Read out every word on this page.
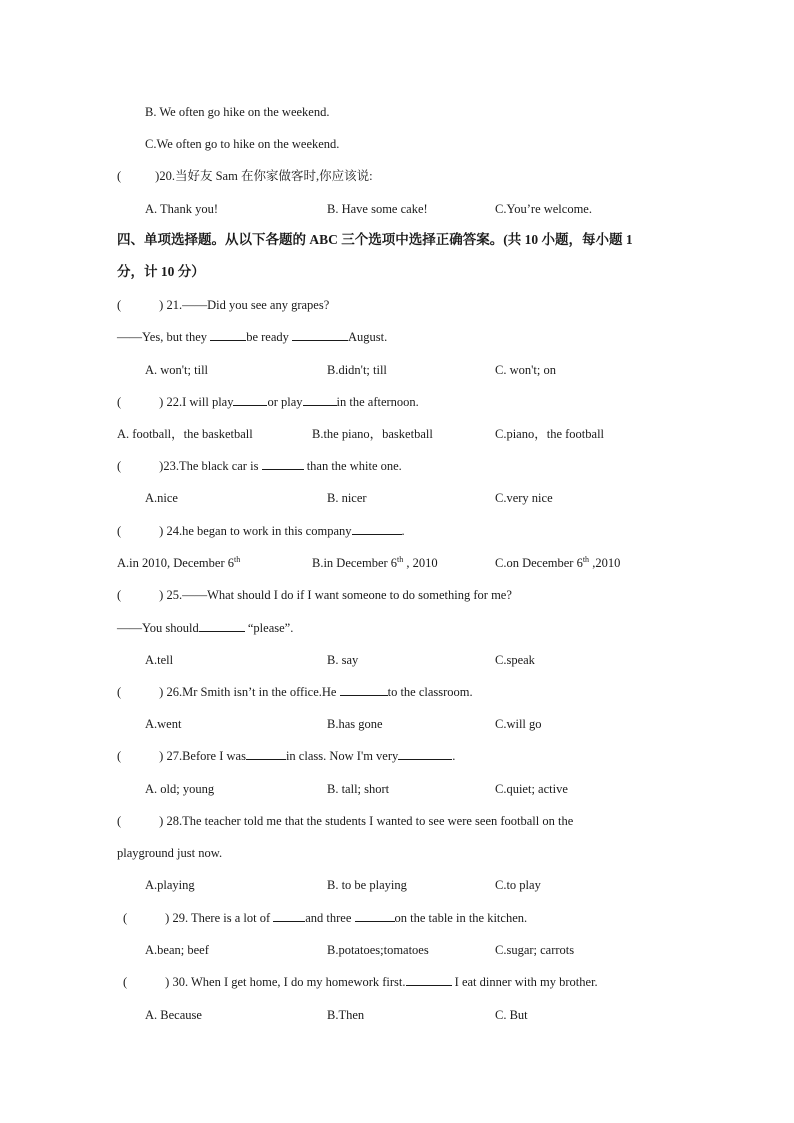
B. We often go hike on the weekend.
C.We often go to hike on the weekend.
(	)20.当好友 Sam 在你家做客时,你应该说:
A. Thank you!	B. Have some cake!	C.You’re welcome.
四、单项选择题。从以下各题的 ABC 三个选项中选择正确答案。(共 10 小题，每小题 1
分，计 10 分）
(	) 21.——Did you see any grapes?
——Yes, but they	be ready	August.
A. won't; till	B.didn't; till	C. won't; on
(	) 22.I will play	or play	in the afternoon.
A. football，the basketball	B.the piano，basketball	C.piano，the football
(	)23.The black car is	than the white one.
A.nice	B. nicer	C.very nice
(	) 24.he began to work in this company	.
A.in 2010, December 6th	B.in December 6th , 2010	C.on December 6th ,2010
(	) 25.——What should I do if I want someone to do something for me?
——You should	“please”.
A.tell	B. say	C.speak
(	) 26.Mr Smith isn’t in the office.He	to the classroom.
A.went	B.has gone	C.will go
(	) 27.Before I was	in class. Now I'm very	.
A. old; young	B. tall; short	C.quiet; active
(	) 28.The teacher told me that the students I wanted to see were seen football on the
playground just now.
A.playing	B. to be playing	C.to play
(	) 29. There is a lot of	and three	on the table in the kitchen.
A.bean; beef	B.potatoes;tomatoes	C.sugar; carrots
(	) 30. When I get home, I do my homework first.	I eat dinner with my brother.
A. Because	B.Then	C. But
